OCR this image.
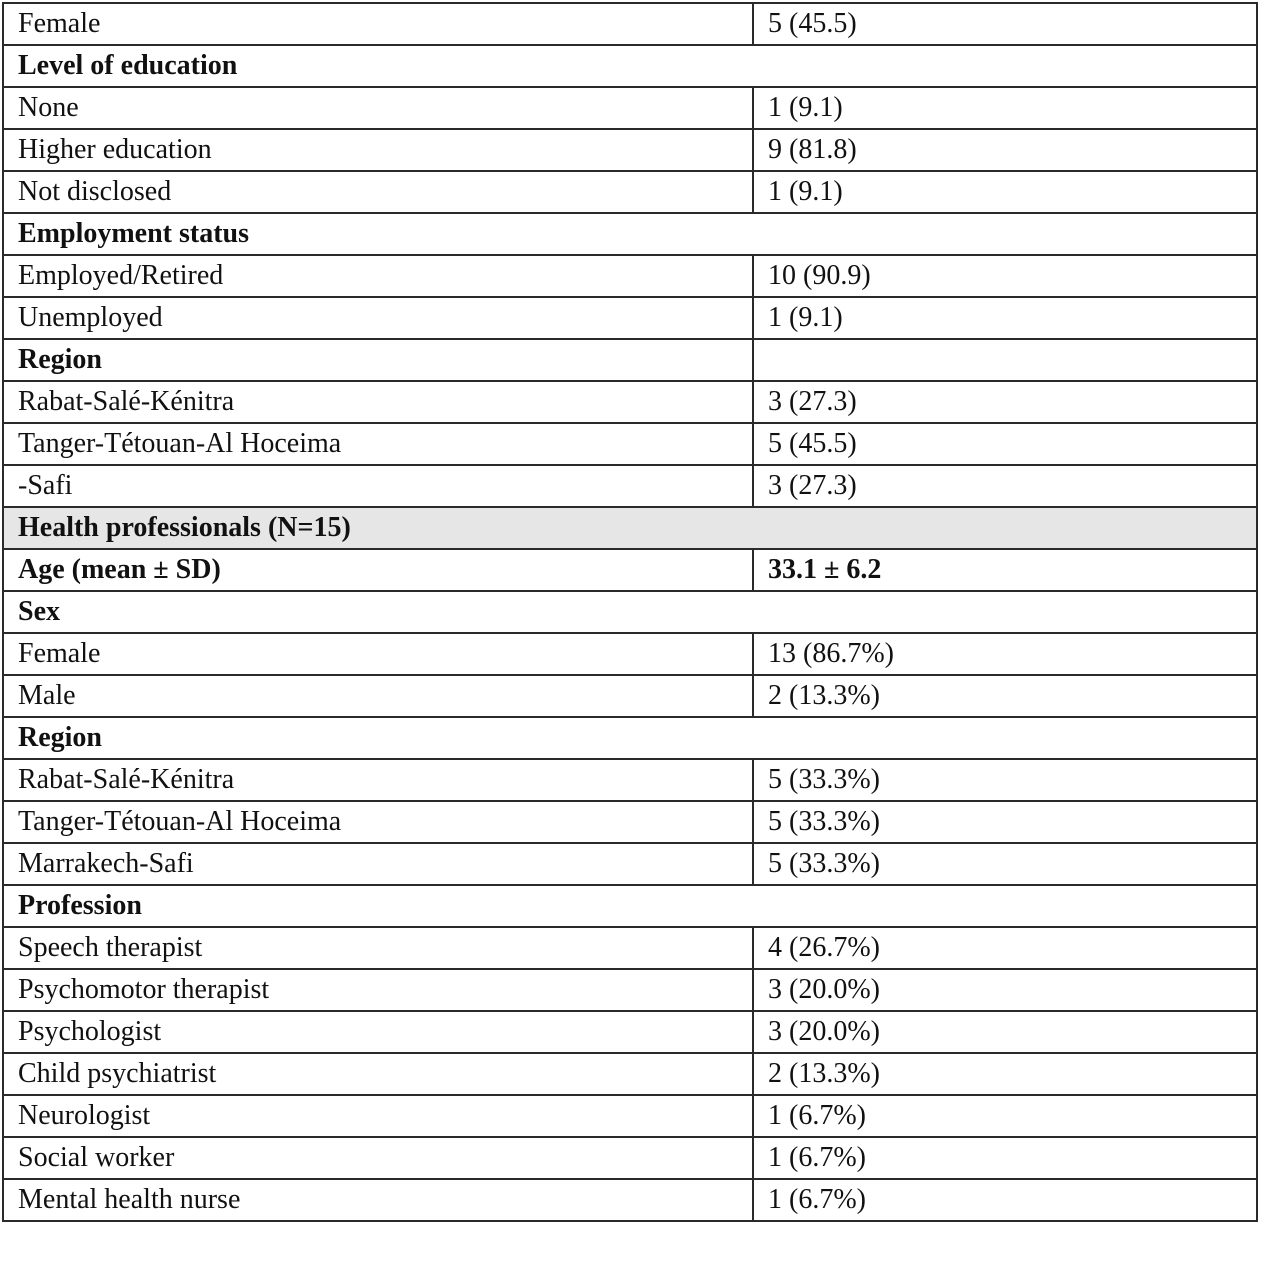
Female	5 (45.5)
Level of education	
None	1 (9.1)
Higher education	9 (81.8)
Not disclosed	1 (9.1)
Employment status	
Employed/Retired	10 (90.9)
Unemployed	1 (9.1)
Region	
Rabat-Salé-Kénitra	3 (27.3)
Tanger-Tétouan-Al Hoceima	5 (45.5)
-Safi	3 (27.3)
Health professionals (N=15)	
Age (mean ± SD)	33.1 ± 6.2
Sex	
Female	13 (86.7%)
Male	2 (13.3%)
Region	
Rabat-Salé-Kénitra	5 (33.3%)
Tanger-Tétouan-Al Hoceima	5 (33.3%)
Marrakech-Safi	5 (33.3%)
Profession	
Speech therapist	4 (26.7%)
Psychomotor therapist	3 (20.0%)
Psychologist	3 (20.0%)
Child psychiatrist	2 (13.3%)
Neurologist	1 (6.7%)
Social worker	1 (6.7%)
Mental health nurse	1 (6.7%)
